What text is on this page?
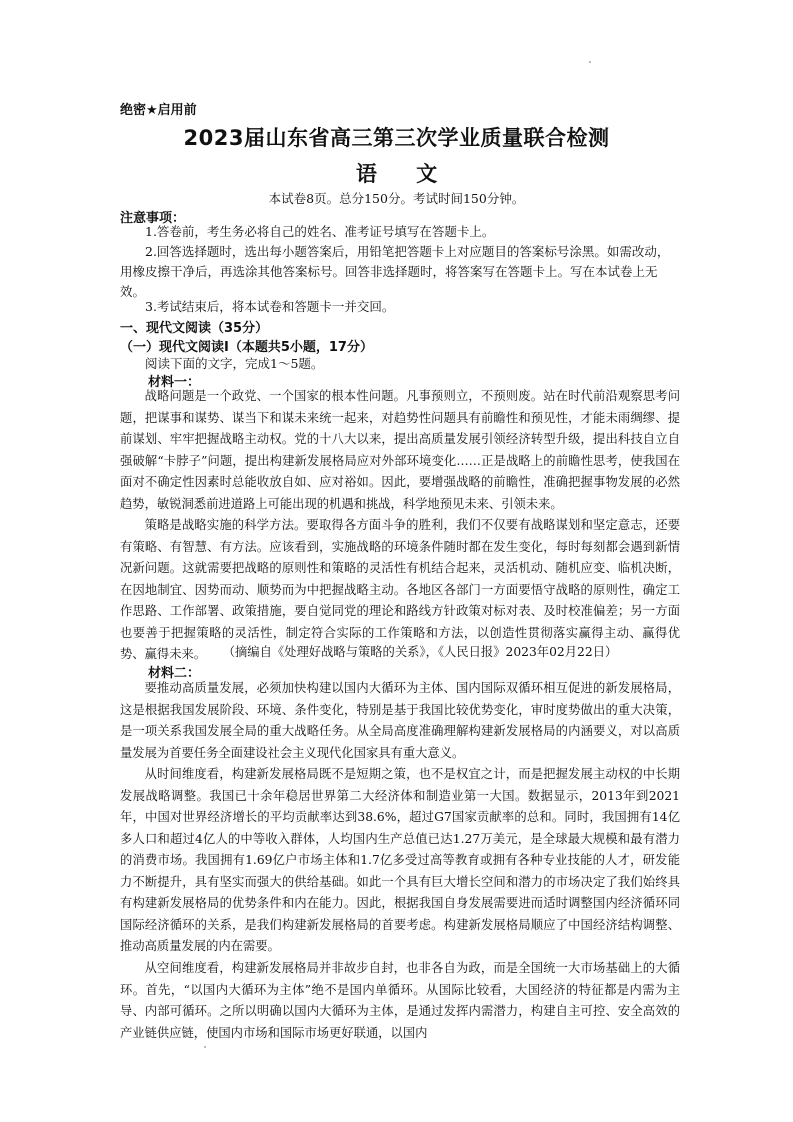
绝密★启用前

2023届山东省高三第三次学业质量联合检测

语 文

本试卷8页。总分150分。考试时间150分钟。

注意事项：

1.答卷前，考生务必将自己的姓名、准考证号填写在答题卡上。

2.回答选择题时，选出每小题答案后，用铅笔把答题卡上对应题目的答案标号涂黑。如需改动，用橡皮擦干净后，再选涂其他答案标号。回答非选择题时，将答案写在答题卡上。写在本试卷上无效。

3.考试结束后，将本试卷和答题卡一并交回。

一、现代文阅读（35分）

（一）现代文阅读Ⅰ（本题共5小题，17分）

阅读下面的文字，完成1～5题。

材料一：

战略问题是一个政党、一个国家的根本性问题。凡事预则立，不预则废。站在时代前沿观察思考问题，把谋事和谋势、谋当下和谋未来统一起来，对趋势性问题具有前瞻性和预见性，才能未雨绸缪、提前谋划、牢牢把握战略主动权。党的十八大以来，提出高质量发展引领经济转型升级，提出科技自立自强破解“卡脖子”问题，提出构建新发展格局应对外部环境变化……正是战略上的前瞻性思考，使我国在面对不确定性因素时总能收放自如、应对裕如。因此，要增强战略的前瞻性，准确把握事物发展的必然趋势，敏锐洞悉前进道路上可能出现的机遇和挑战，科学地预见未来、引领未来。

策略是战略实施的科学方法。要取得各方面斗争的胜利，我们不仅要有战略谋划和坚定意志，还要有策略、有智慧、有方法。应该看到，实施战略的环境条件随时都在发生变化，每时每刻都会遇到新情况新问题。这就需要把战略的原则性和策略的灵活性有机结合起来，灵活机动、随机应变、临机决断，在因地制宜、因势而动、顺势而为中把握战略主动。各地区各部门一方面要悟守战略的原则性，确定工作思路、工作部署、政策措施，要自觉同党的理论和路线方针政策对标对表、及时校准偏差；另一方面也要善于把握策略的灵活性，制定符合实际的工作策略和方法，以创造性贯彻落实赢得主动、赢得优势、赢得未来。	（摘编自《处理好战略与策略的关系》，《人民日报》2023年02月22日）

材料二：

要推动高质量发展，必须加快构建以国内大循环为主体、国内国际双循环相互促进的新发展格局，这是根据我国发展阶段、环境、条件变化，特别是基于我国比较优势变化，审时度势做出的重大决策，是一项关系我国发展全局的重大战略任务。从全局高度准确理解构建新发展格局的内涵要义，对以高质量发展为首要任务全面建设社会主义现代化国家具有重大意义。

从时间维度看，构建新发展格局既不是短期之策，也不是权宜之计，而是把握发展主动权的中长期发展战略调整。我国已十余年稳居世界第二大经济体和制造业第一大国。数据显示，2013年到2021年，中国对世界经济增长的平均贡献率达到38.6%，超过G7国家贡献率的总和。同时，我国拥有14亿多人口和超过4亿人的中等收入群体，人均国内生产总值已达1.27万美元，是全球最大规模和最有潜力的消费市场。我国拥有1.69亿户市场主体和1.7亿多受过高等教育或拥有各种专业技能的人才，研发能力不断提升，具有坚实而强大的供给基础。如此一个具有巨大增长空间和潜力的市场决定了我们始终具有构建新发展格局的优势条件和内在能力。因此，根据我国自身发展需要进而适时调整国内经济循环同国际经济循环的关系，是我们构建新发展格局的首要考虑。构建新发展格局顺应了中国经济结构调整、推动高质量发展的内在需要。

从空间维度看，构建新发展格局并非故步自封，也非各自为政，而是全国统一大市场基础上的大循环。首先，“以国内大循环为主体”绝不是国内单循环。从国际比较看，大国经济的特征都是内需为主导、内部可循环。之所以明确以国内大循环为主体，是通过发挥内需潜力，构建自主可控、安全高效的产业链供应链，使国内市场和国际市场更好联通，以国内
